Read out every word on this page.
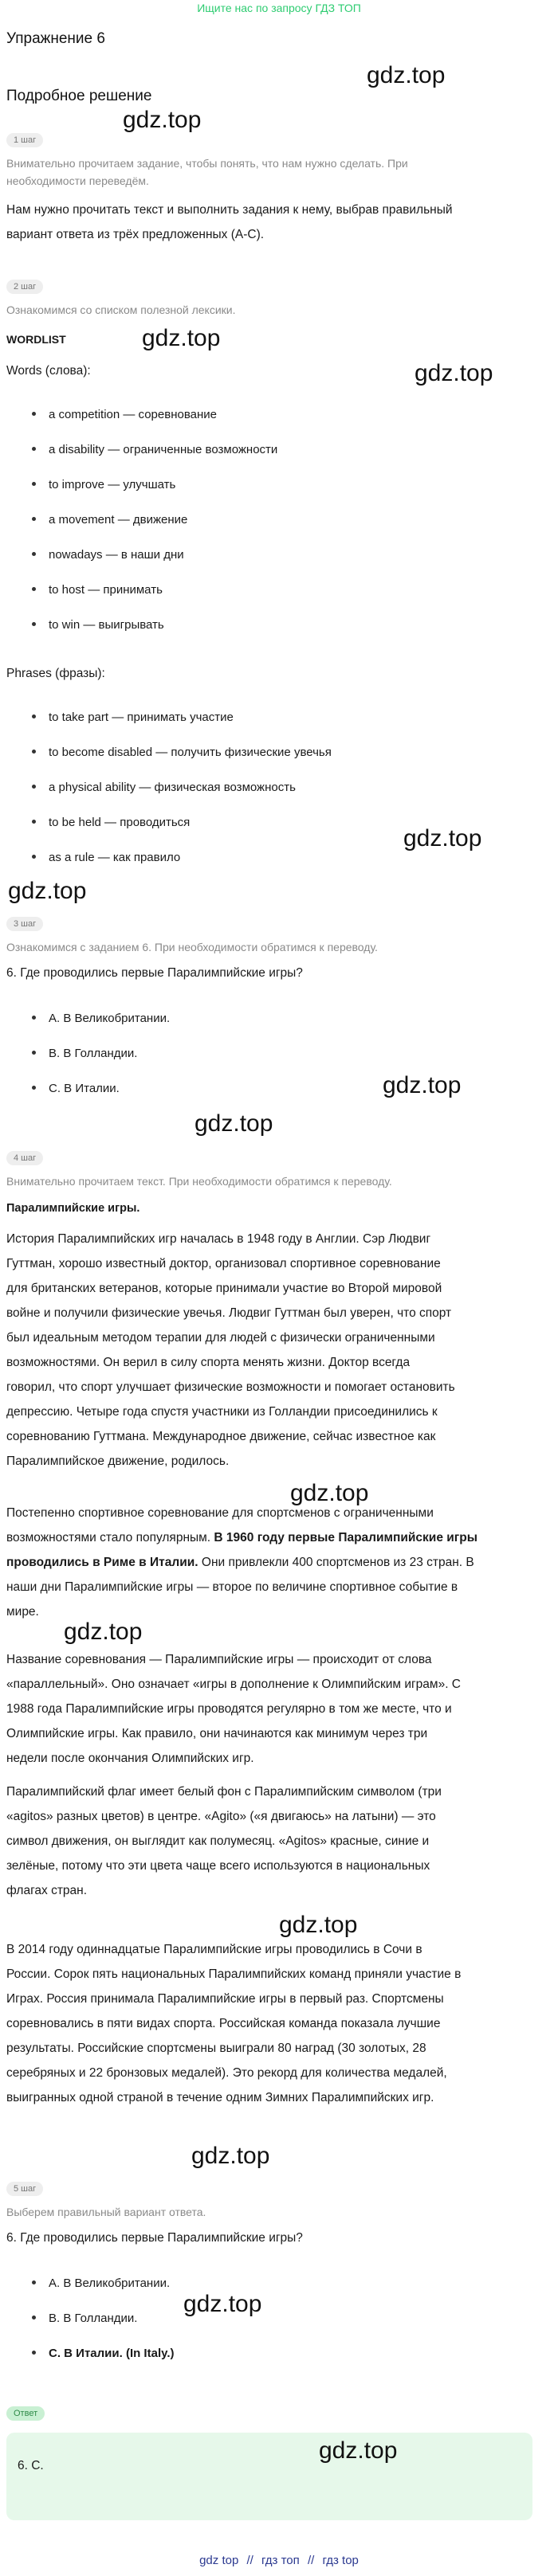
Ищите нас по запросу ГДЗ ТОП
Упражнение 6
gdz.top
Подробное решение
gdz.top
1 шаг
Внимательно прочитаем задание, чтобы понять, что нам нужно сделать. При
необходимости переведём.
Нам нужно прочитать текст и выполнить задания к нему, выбрав правильный
вариант ответа из трёх предложенных (A-C).
2 шаг
Ознакомимся со списком полезной лексики.
WORDLIST	gdz.top
Words (слова):	gdz.top
a competition — соревнование
a disability — ограниченные возможности
to improve — улучшать
a movement — движение
nowadays — в наши дни
to host — принимать
to win — выигрывать
Phrases (фразы):
to take part — принимать участие
to become disabled — получить физические увечья
a physical ability — физическая возможность
to be held — проводиться
gdz.top
as a rule — как правило
gdz.top
3 шаг
Ознакомимся с заданием 6. При необходимости обратимся к переводу.
6. Где проводились первые Паралимпийские игры?
A. В Великобритании.
B. В Голландии.
gdz.top
C. В Италии.
gdz.top
4 шаг
Внимательно прочитаем текст. При необходимости обратимся к переводу.
Паралимпийские игры.
История Паралимпийских игр началась в 1948 году в Англии. Сэр Людвиг
Гуттман, хорошо известный доктор, организовал спортивное соревнование
для британских ветеранов, которые принимали участие во Второй мировой
войне и получили физические увечья. Людвиг Гуттман был уверен, что спорт
был идеальным методом терапии для людей с физически ограниченными
возможностями. Он верил в силу спорта менять жизни. Доктор всегда
говорил, что спорт улучшает физические возможности и помогает остановить
депрессию. Четыре года спустя участники из Голландии присоединились к
соревнованию Гуттмана. Международное движение, сейчас известное как
Паралимпийское движение, родилось.
gdz.top
Постепенно спортивное соревнование для спортсменов с ограниченными
возможностями стало популярным. В 1960 году первые Паралимпийские игры
проводились в Риме в Италии. Они привлекли 400 спортсменов из 23 стран. В
наши дни Паралимпийские игры — второе по величине спортивное событие в
мире.
gdz.top
Название соревнования — Паралимпийские игры — происходит от слова
«параллельный». Оно означает «игры в дополнение к Олимпийским играм». С
1988 года Паралимпийские игры проводятся регулярно в том же месте, что и
Олимпийские игры. Как правило, они начинаются как минимум через три
недели после окончания Олимпийских игр.
Паралимпийский флаг имеет белый фон с Паралимпийским символом (три
«agitos» разных цветов) в центре. «Agito» («я двигаюсь» на латыни) — это
символ движения, он выглядит как полумесяц. «Agitos» красные, синие и
зелёные, потому что эти цвета чаще всего используются в национальных
флагах стран.
gdz.top
В 2014 году одиннадцатые Паралимпийские игры проводились в Сочи в
России. Сорок пять национальных Паралимпийских команд приняли участие в
Играх. Россия принимала Паралимпийские игры в первый раз. Спортсмены
соревновались в пяти видах спорта. Российская команда показала лучшие
результаты. Российские спортсмены выиграли 80 наград (30 золотых, 28
серебряных и 22 бронзовых медалей). Это рекорд для количества медалей,
выигранных одной страной в течение одним Зимних Паралимпийских игр.
gdz.top
5 шаг
Выберем правильный вариант ответа.
6. Где проводились первые Паралимпийские игры?
A. В Великобритании.
gdz.top
B. В Голландии.
C. В Италии. (In Italy.)
Ответ
gdz.top
6. C.
gdz top // гдз топ // гдз top
